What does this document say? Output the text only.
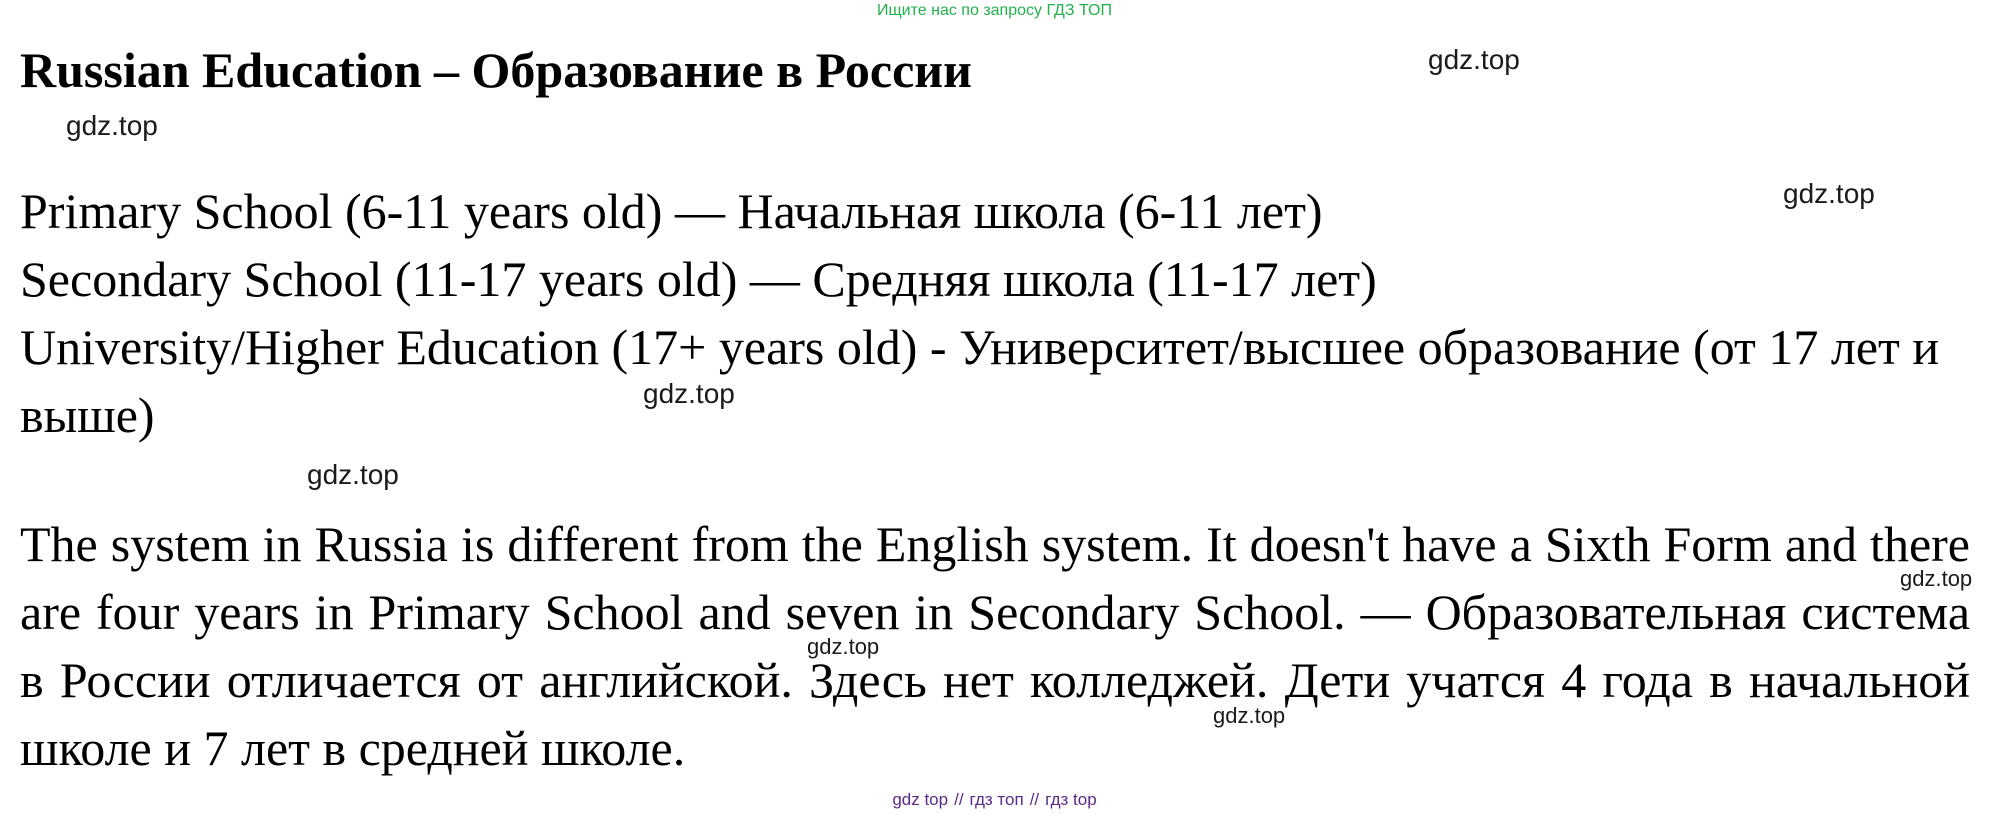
Ищите нас по запросу ГДЗ ТОП
Russian Education – Образование в России
Primary School (6-11 years old) — Начальная школа (6-11 лет)
Secondary School (11-17 years old) — Средняя школа (11-17 лет)
University/Higher Education (17+ years old) - Университет/высшее образование (от 17 лет и выше)

The system in Russia is different from the English system. It doesn't have a Sixth Form and there are four years in Primary School and seven in Secondary School. — Образовательная система в России отличается от английской. Здесь нет колледжей. Дети учатся 4 года в начальной школе и 7 лет в средней школе.

gdz.top
gdz.top
gdz.top
gdz.top
gdz.top
gdz.top
gdz.top
gdz.top
gdz top // гдз топ // гдз top
